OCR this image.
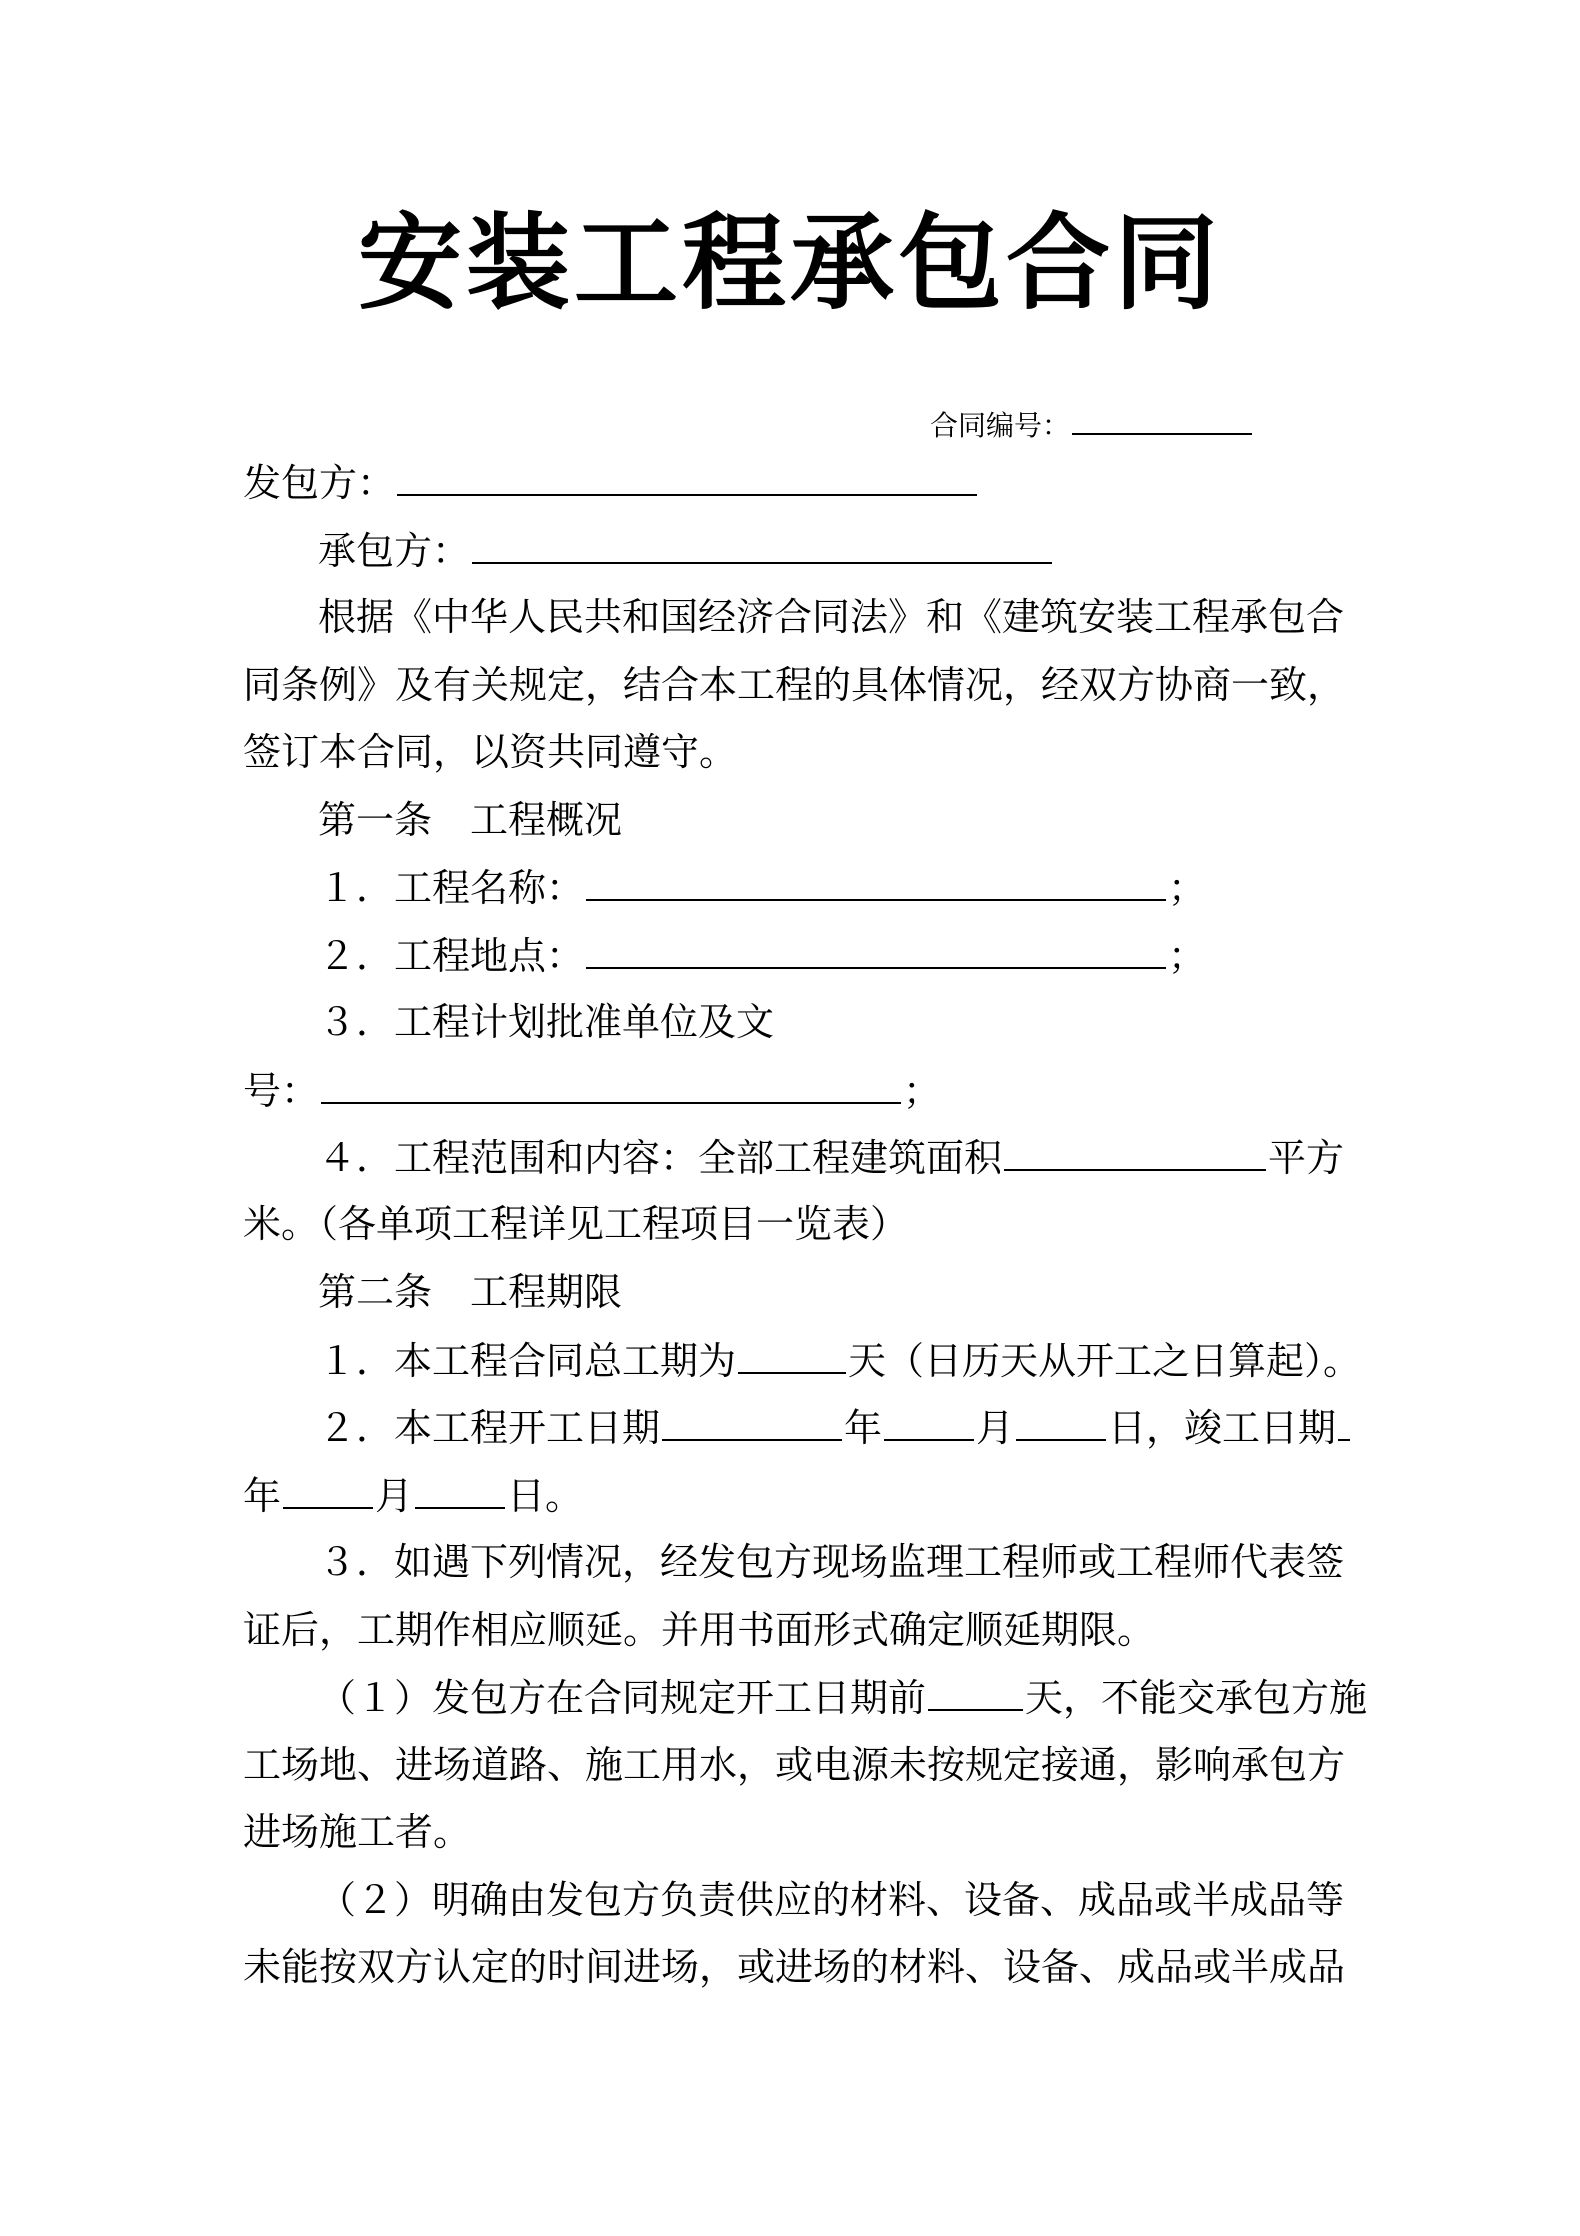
安装工程承包合同
合同编号：
发包方：
承包方：
根据《中华人民共和国经济合同法》和《建筑安装工程承包合
同条例》及有关规定，结合本工程的具体情况，经双方协商一致，
签订本合同，以资共同遵守。
第一条　工程概况
１．工程名称：	；
２．工程地点：	；
３．工程计划批准单位及文
号：	；
４．工程范围和内容：全部工程建筑面积	平方
米。（各单项工程详见工程项目一览表）
第二条　工程期限
１．本工程合同总工期为	天（日历天从开工之日算起）。
２．本工程开工日期	年 月 日，竣工日期
年 月 日。
３．如遇下列情况，经发包方现场监理工程师或工程师代表签
证后，工期作相应顺延。并用书面形式确定顺延期限。
（１）发包方在合同规定开工日期前	天，不能交承包方施
工场地、进场道路、施工用水，或电源未按规定接通，影响承包方
进场施工者。
（２）明确由发包方负责供应的材料、设备、成品或半成品等
未能按双方认定的时间进场，或进场的材料、设备、成品或半成品
